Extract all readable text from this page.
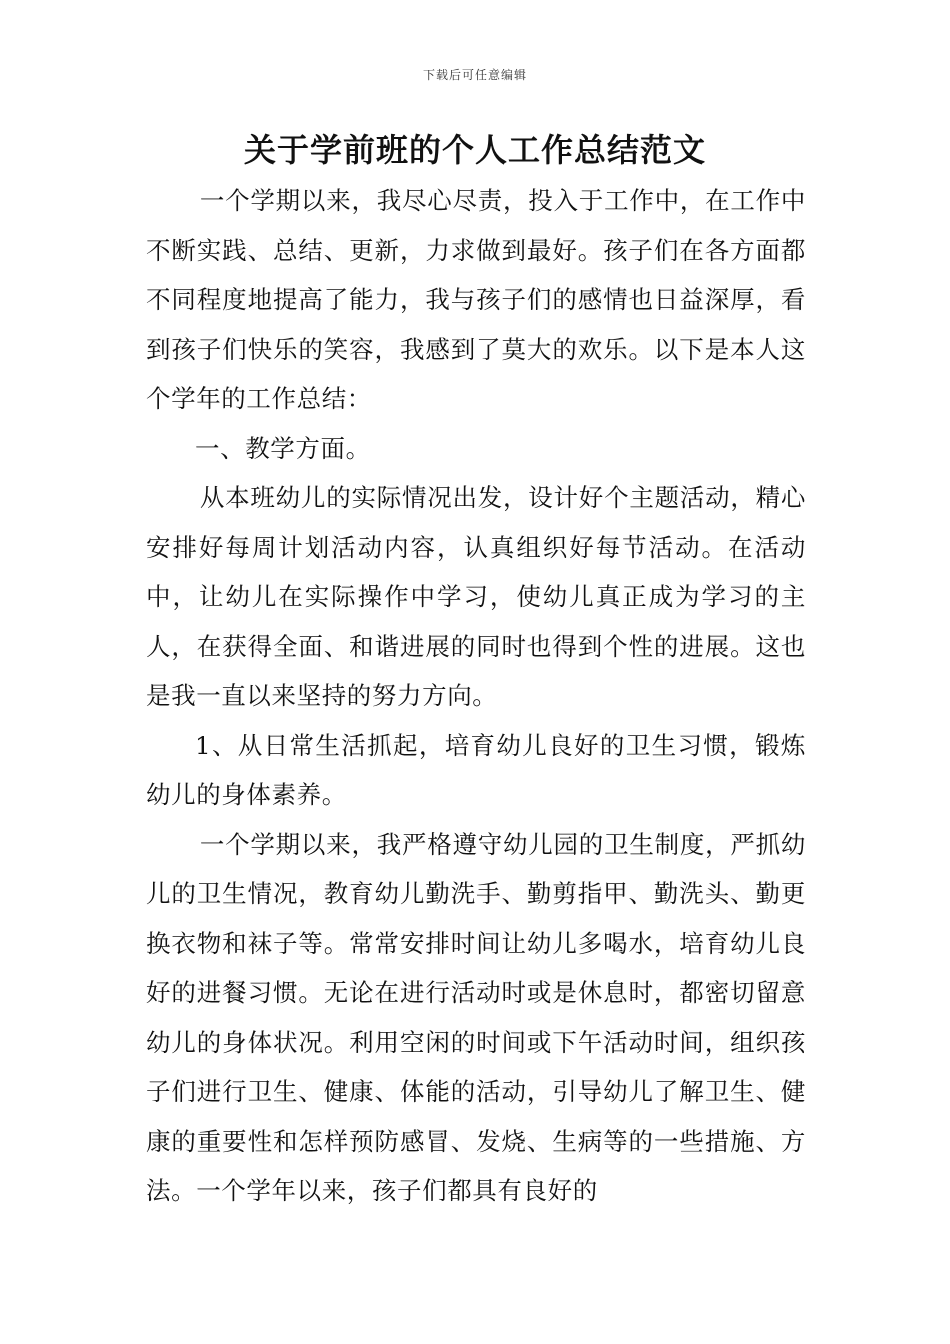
下载后可任意编辑
关于学前班的个人工作总结范文

一个学期以来，我尽心尽责，投入于工作中，在工作中不断实践、总结、更新，力求做到最好。孩子们在各方面都不同程度地提高了能力，我与孩子们的感情也日益深厚，看到孩子们快乐的笑容，我感到了莫大的欢乐。以下是本人这个学年的工作总结：

一、教学方面。

从本班幼儿的实际情况出发，设计好个主题活动，精心安排好每周计划活动内容，认真组织好每节活动。在活动中，让幼儿在实际操作中学习，使幼儿真正成为学习的主人，在获得全面、和谐进展的同时也得到个性的进展。这也是我一直以来坚持的努力方向。

1、从日常生活抓起，培育幼儿良好的卫生习惯，锻炼幼儿的身体素养。

一个学期以来，我严格遵守幼儿园的卫生制度，严抓幼儿的卫生情况，教育幼儿勤洗手、勤剪指甲、勤洗头、勤更换衣物和袜子等。常常安排时间让幼儿多喝水，培育幼儿良好的进餐习惯。无论在进行活动时或是休息时，都密切留意幼儿的身体状况。利用空闲的时间或下午活动时间，组织孩子们进行卫生、健康、体能的活动，引导幼儿了解卫生、健康的重要性和怎样预防感冒、发烧、生病等的一些措施、方法。一个学年以来，孩子们都具有良好的
